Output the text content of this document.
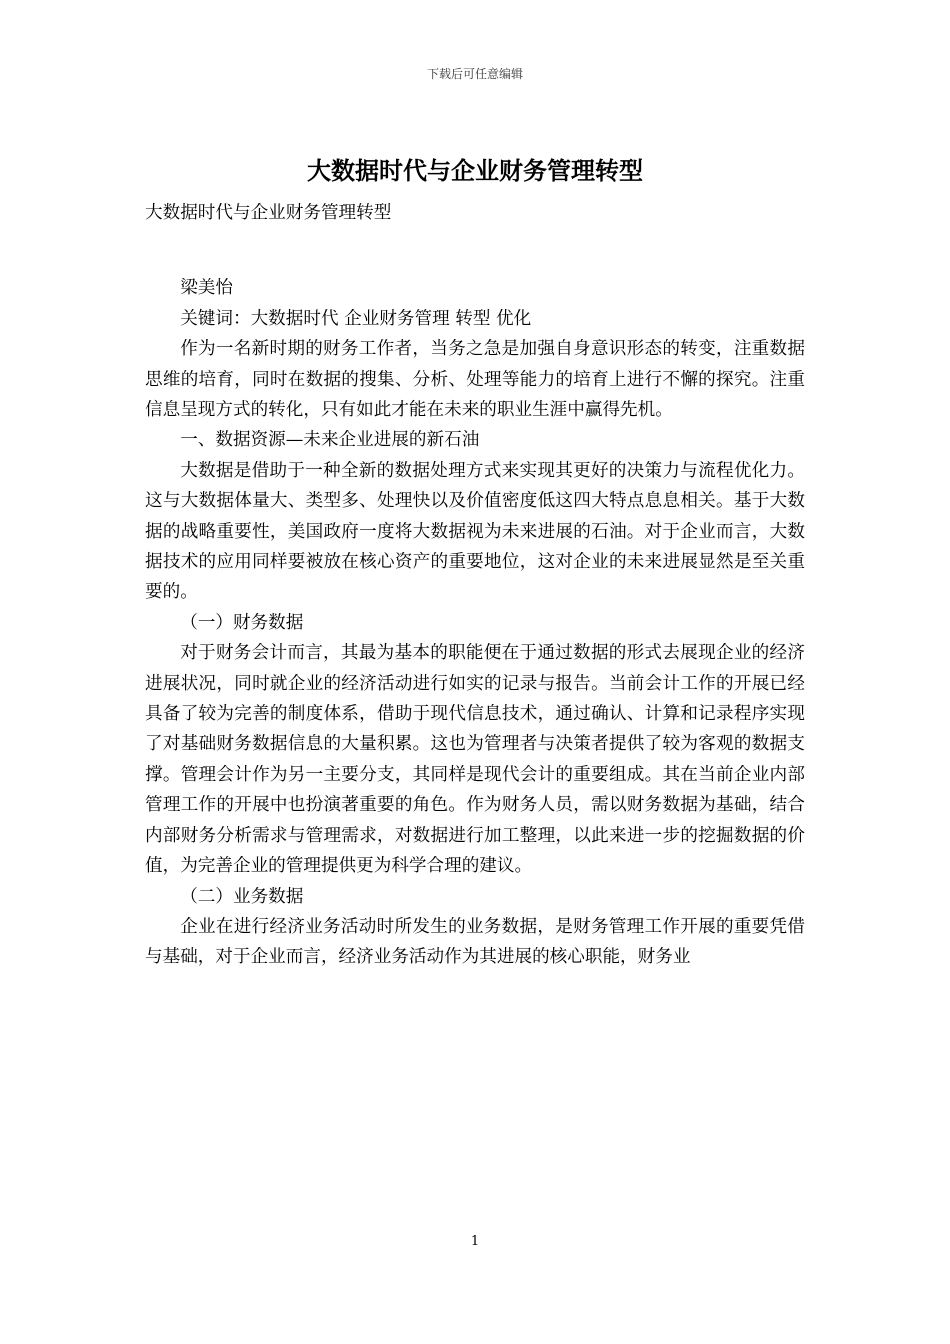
下载后可任意编辑
大数据时代与企业财务管理转型

大数据时代与企业财务管理转型

梁美怡

关键词：大数据时代 企业财务管理 转型 优化

作为一名新时期的财务工作者，当务之急是加强自身意识形态的转变，注重数据思维的培育，同时在数据的搜集、分析、处理等能力的培育上进行不懈的探究。注重信息呈现方式的转化，只有如此才能在未来的职业生涯中赢得先机。

一、数据资源—未来企业进展的新石油

大数据是借助于一种全新的数据处理方式来实现其更好的决策力与流程优化力。这与大数据体量大、类型多、处理快以及价值密度低这四大特点息息相关。基于大数据的战略重要性，美国政府一度将大数据视为未来进展的石油。对于企业而言，大数据技术的应用同样要被放在核心资产的重要地位，这对企业的未来进展显然是至关重要的。

（一）财务数据

对于财务会计而言，其最为基本的职能便在于通过数据的形式去展现企业的经济进展状况，同时就企业的经济活动进行如实的记录与报告。当前会计工作的开展已经具备了较为完善的制度体系，借助于现代信息技术，通过确认、计算和记录程序实现了对基础财务数据信息的大量积累。这也为管理者与决策者提供了较为客观的数据支撑。管理会计作为另一主要分支，其同样是现代会计的重要组成。其在当前企业内部管理工作的开展中也扮演著重要的角色。作为财务人员，需以财务数据为基础，结合内部财务分析需求与管理需求，对数据进行加工整理，以此来进一步的挖掘数据的价值，为完善企业的管理提供更为科学合理的建议。

（二）业务数据

企业在进行经济业务活动时所发生的业务数据，是财务管理工作开展的重要凭借与基础，对于企业而言，经济业务活动作为其进展的核心职能，财务业

1
